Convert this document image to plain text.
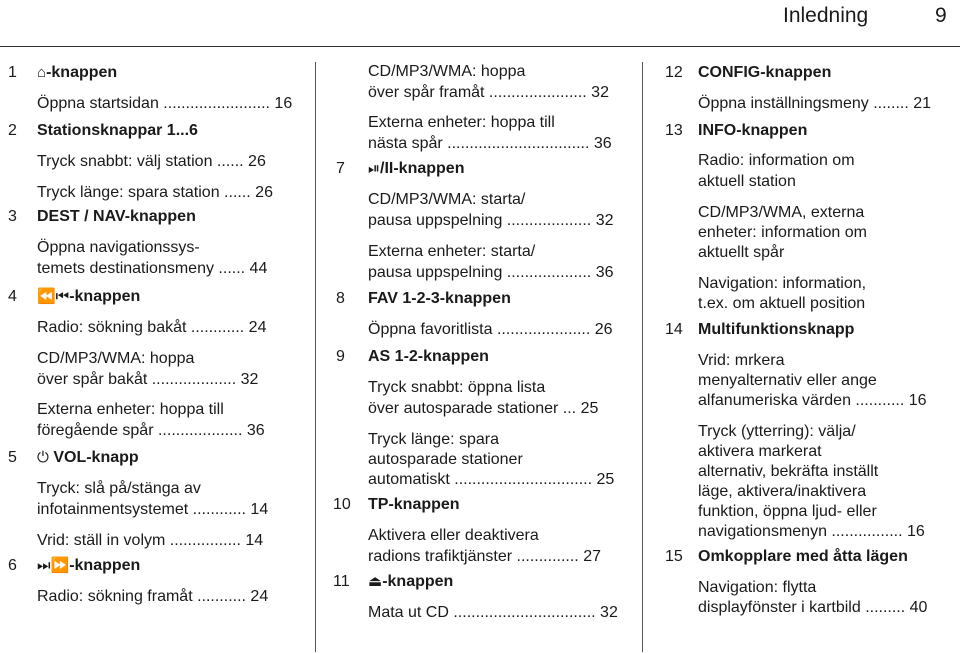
Inledning	9
1 ⌂-knappen
Öppna startsidan ........................ 16
2 Stationsknappar 1...6
Tryck snabbt: välj station ...... 26
Tryck länge: spara station ...... 26
3 DEST / NAV-knappen
Öppna navigationssys-
temets destinationsmeny ...... 44
4 ⏪⏮-knappen
Radio: sökning bakåt ............ 24
CD/MP3/WMA: hoppa
över spår bakåt ................... 32
Externa enheter: hoppa till
föregående spår ................... 36
5 ⏻ VOL-knapp
Tryck: slå på/stänga av
infotainmentsystemet ............ 14
Vrid: ställ in volym ................ 14
6 ⏭⏩-knappen
Radio: sökning framåt ........... 24
CD/MP3/WMA: hoppa
över spår framåt ...................... 32
Externa enheter: hoppa till
nästa spår ................................ 36
7 ⏯/II-knappen
CD/MP3/WMA: starta/
pausa uppspelning ................... 32
Externa enheter: starta/
pausa uppspelning ................... 36
8 FAV 1-2-3-knappen
Öppna favoritlista ..................... 26
9 AS 1-2-knappen
Tryck snabbt: öppna lista
över autosparade stationer ... 25
Tryck länge: spara
autosparade stationer
automatiskt ............................... 25
10 TP-knappen
Aktivera eller deaktivera
radions trafiktjänster .............. 27
11 ⏏-knappen
Mata ut CD ................................ 32
12 CONFIG-knappen
Öppna inställningsmeny ........ 21
13 INFO-knappen
Radio: information om
aktuell station
CD/MP3/WMA, externa
enheter: information om
aktuellt spår
Navigation: information,
t.ex. om aktuell position
14 Multifunktionsknapp
Vrid: mrkera
menyalternativ eller ange
alfanumeriska värden ........... 16
Tryck (ytterring): välja/
aktivera markerat
alternativ, bekräfta inställt
läge, aktivera/inaktivera
funktion, öppna ljud- eller
navigationsmenyn ................ 16
15 Omkopplare med åtta lägen
Navigation: flytta
displayfönster i kartbild ......... 40
